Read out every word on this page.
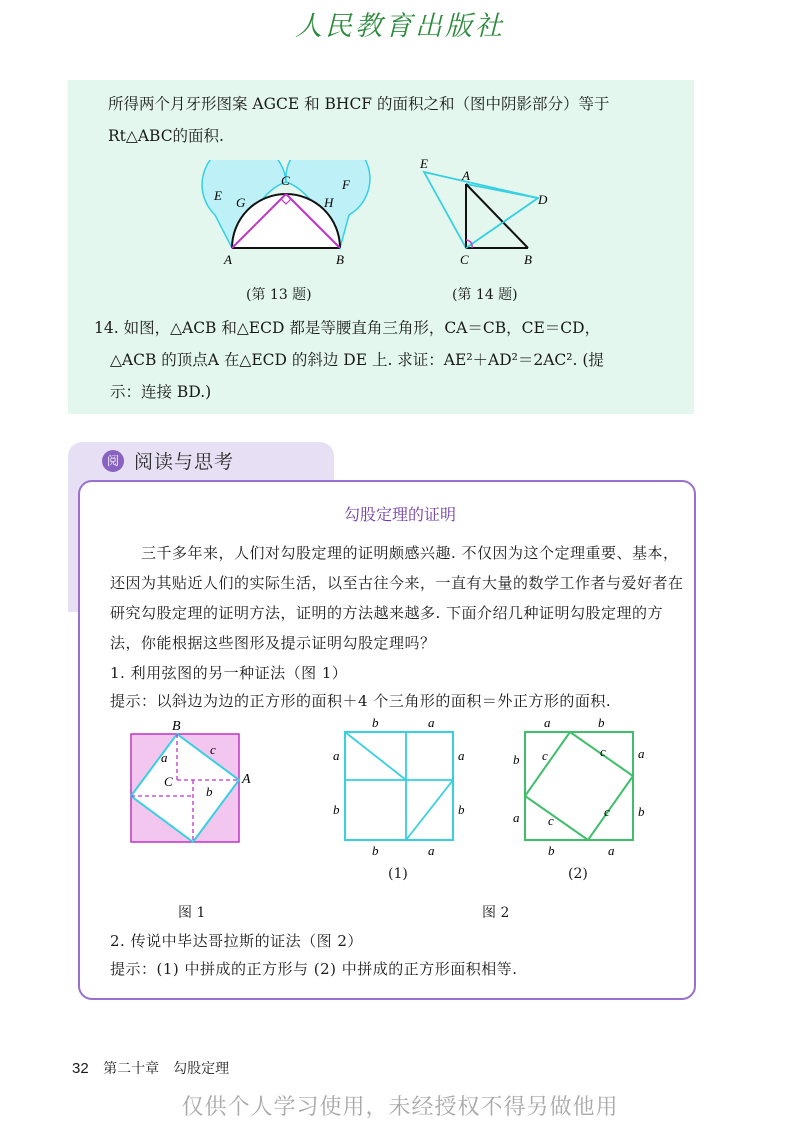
人民教育出版社

所得两个月牙形图案 AGCE 和 BHCF 的面积之和（图中阴影部分）等于

Rt△ABC的面积.

E G
C
H
F
A	B
E
A
D
C	B
(第 13 题)	(第 14 题)

14. 如图，△ACB 和△ECD 都是等腰直角三角形，CA＝CB，CE＝CD，

△ACB 的顶点A 在△ECD 的斜边 DE 上. 求证：AE²＋AD²＝2AC². (提

示：连接 BD.)

阅 阅读与思考
勾股定理的证明

　　三千多年来，人们对勾股定理的证明颇感兴趣. 不仅因为这个定理重要、基本，还因为其贴近人们的实际生活，以至古往今来，一直有大量的数学工作者与爱好者在研究勾股定理的证明方法，证明的方法越来越多. 下面介绍几种证明勾股定理的方法，你能根据这些图形及提示证明勾股定理吗？

1. 利用弦图的另一种证法（图 1）

提示：以斜边为边的正方形的面积＋4 个三角形的面积＝外正方形的面积.

B
c
a
b
C	A
b	a
a	a
b	b
b	a
a	b
b	a
a	b
b	a
c	c
c
c
(1)	(2)
图 1	图 2

2. 传说中毕达哥拉斯的证法（图 2）

提示：(1) 中拼成的正方形与 (2) 中拼成的正方形面积相等.

32 第二十章　勾股定理
仅供个人学习使用，未经授权不得另做他用
